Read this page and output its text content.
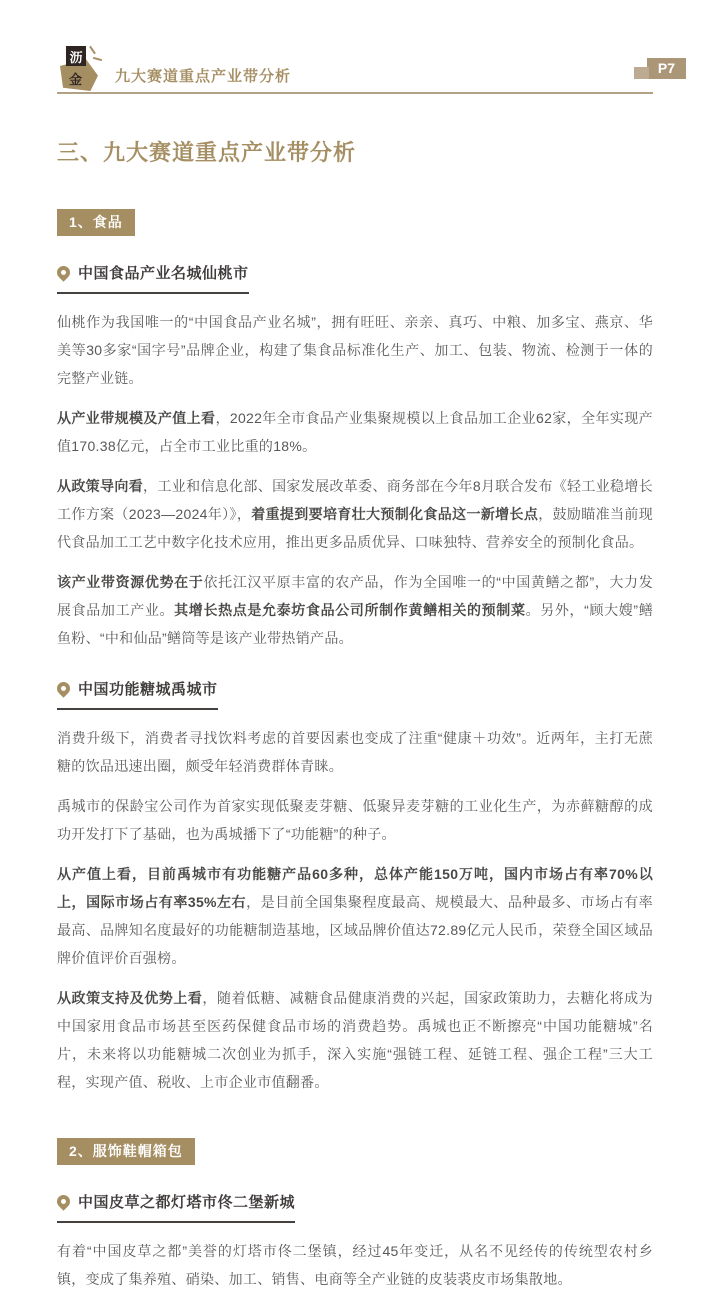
沥
金 九大赛道重点产业带分析	P7
三、九大赛道重点产业带分析
1、食品

中国食品产业名城仙桃市

仙桃作为我国唯一的“中国食品产业名城”，拥有旺旺、亲亲、真巧、中粮、加多宝、燕京、华美等30多家“国字号”品牌企业，构建了集食品标准化生产、加工、包装、物流、检测于一体的完整产业链。

从产业带规模及产值上看，2022年全市食品产业集聚规模以上食品加工企业62家，全年实现产值170.38亿元，占全市工业比重的18%。

从政策导向看，工业和信息化部、国家发展改革委、商务部在今年8月联合发布《轻工业稳增长工作方案（2023—2024年）》，着重提到要培育壮大预制化食品这一新增长点，鼓励瞄准当前现代食品加工工艺中数字化技术应用，推出更多品质优异、口味独特、营养安全的预制化食品。

该产业带资源优势在于依托江汉平原丰富的农产品，作为全国唯一的“中国黄鳝之都”，大力发展食品加工产业。其增长热点是允泰坊食品公司所制作黄鳝相关的预制菜。另外，“顾大嫂”鳝鱼粉、“中和仙品”鳝筒等是该产业带热销产品。

中国功能糖城禹城市

消费升级下，消费者寻找饮料考虑的首要因素也变成了注重“健康＋功效”。近两年，主打无蔗糖的饮品迅速出圈，颇受年轻消费群体青睐。

禹城市的保龄宝公司作为首家实现低聚麦芽糖、低聚异麦芽糖的工业化生产，为赤藓糖醇的成功开发打下了基础，也为禹城播下了“功能糖”的种子。

从产值上看，目前禹城市有功能糖产品60多种，总体产能150万吨，国内市场占有率70%以上，国际市场占有率35%左右，是目前全国集聚程度最高、规模最大、品种最多、市场占有率最高、品牌知名度最好的功能糖制造基地，区域品牌价值达72.89亿元人民币，荣登全国区域品牌价值评价百强榜。

从政策支持及优势上看，随着低糖、减糖食品健康消费的兴起，国家政策助力，去糖化将成为中国家用食品市场甚至医药保健食品市场的消费趋势。禹城也正不断擦亮“中国功能糖城”名片，未来将以功能糖城二次创业为抓手，深入实施“强链工程、延链工程、强企工程”三大工程，实现产值、税收、上市企业市值翻番。

2、服饰鞋帽箱包

中国皮草之都灯塔市佟二堡新城

有着“中国皮草之都”美誉的灯塔市佟二堡镇，经过45年变迁，从名不见经传的传统型农村乡镇，变成了集养殖、硝染、加工、销售、电商等全产业链的皮装裘皮市场集散地。
